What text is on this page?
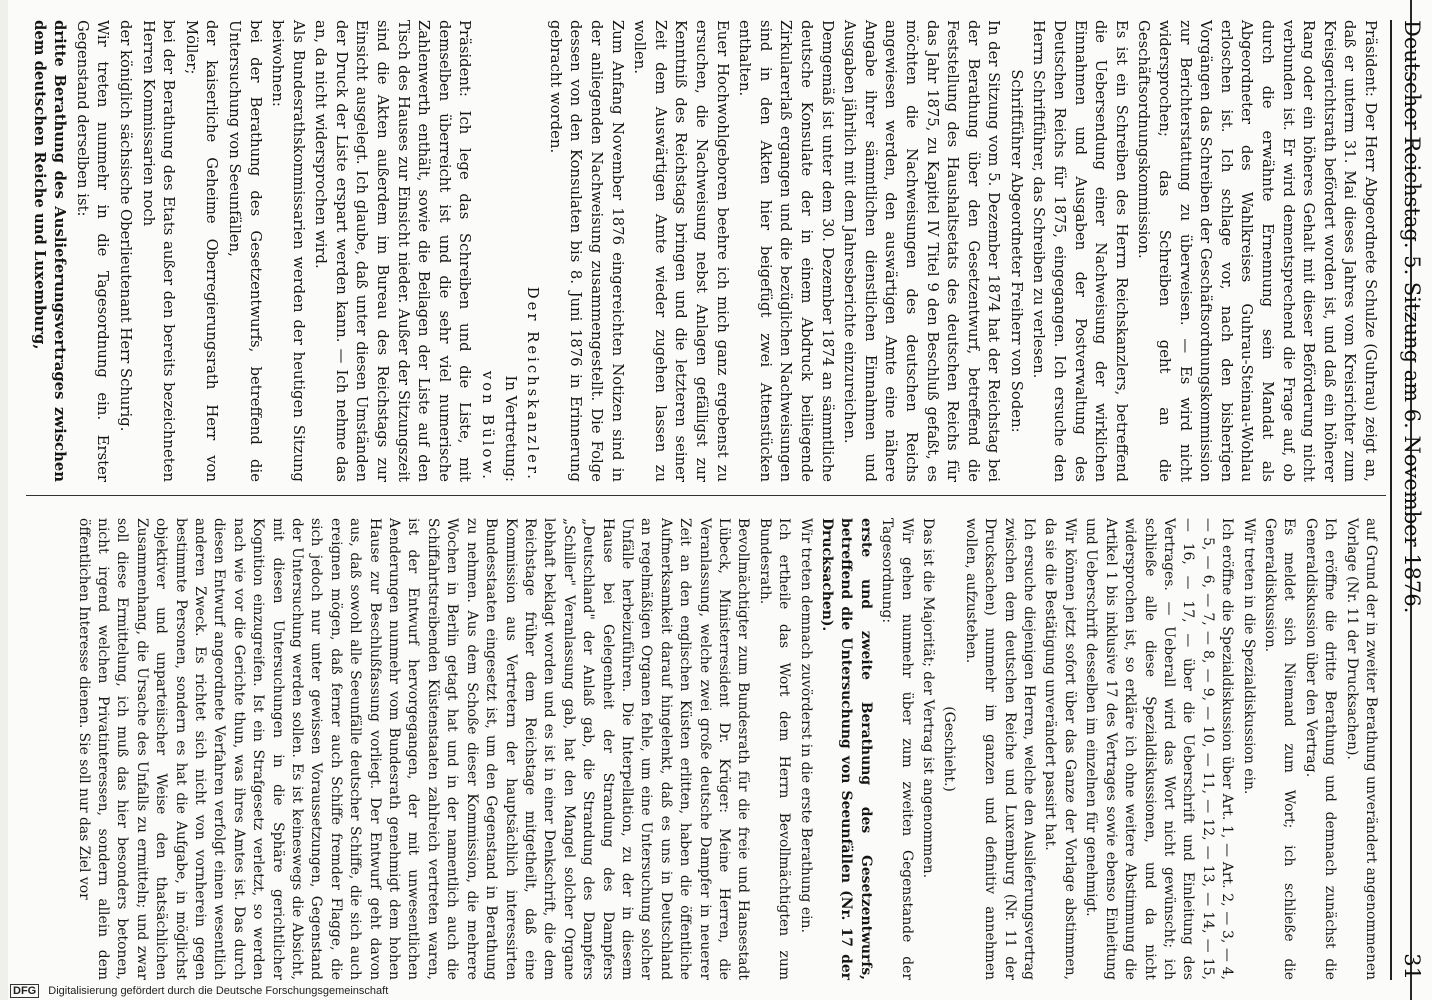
Deutscher Reichstag. 5. Sitzung am 6. November 1876.
31

Präsident: Der Herr Abgeordnete Schulze (Guhrau) zeigt an, daß er unterm 31. Mai dieses Jahres vom Kreisrichter zum Kreisgerichtsrath befördert worden ist, und daß ein höherer Rang oder ein höheres Gehalt mit dieser Beförderung nicht verbunden ist. Er wird dementsprechend die Frage auf, ob durch die erwähnte Ernennung sein Mandat als Abgeordneter des Wahlkreises Guhrau-Steinau-Wohlau erloschen ist. Ich schlage vor, nach den bisherigen Vorgängen das Schreiben der Geschäftsordnungskommission zur Berichterstattung zu überweisen. — Es wird nicht widersprochen; das Schreiben geht an die Geschäftsordnungskommission.

Es ist ein Schreiben des Herrn Reichskanzlers, betreffend die Uebersendung einer Nachweisung der wirklichen Einnahmen und Ausgaben der Postverwaltung des Deutschen Reichs für 1875, eingegangen. Ich ersuche den Herrn Schriftführer, das Schreiben zu verlesen.

Schriftführer Abgeordneter Freiherr von Soden:

In der Sitzung vom 5. Dezember 1874 hat der Reichstag bei der Berathung über den Gesetzentwurf, betreffend die Feststellung des Haushaltsetats des deutschen Reichs für das Jahr 1875, zu Kapitel IV Titel 9 den Beschluß gefaßt, es möchten die Nachweisungen des deutschen Reichs angewiesen werden, den auswärtigen Amte eine nähere Angabe ihrer sämmtlichen dienstlichen Einnahmen und Ausgaben jährlich mit dem Jahresberichte einzureichen.

Demgemäß ist unter dem 30. Dezember 1874 an sämmtliche deutsche Konsulate der in einem Abdruck beiliegende Zirkularerlaß ergangen und die bezüglichen Nachweisungen sind in den Akten hier beigefügt zwei Attenstücken enthalten.

Euer Hochwohlgeboren beehre ich mich ganz ergebenst zu ersuchen, die Nachweisung nebst Anlagen gefälligst zur Kenntniß des Reichstags bringen und die letzteren seiner Zeit dem Auswärtigen Amte wieder zugehen lassen zu wollen.

Zum Anfang November 1876 eingereichten Notizen sind in der anliegenden Nachweisung zusammengestellt. Die Folge dessen von den Konsulaten bis 8. Juni 1876 in Erinnerung gebracht worden.

Der Reichskanzler.

In Vertretung:

von Bülow.

Präsident: Ich lege das Schreiben und die Liste, mit demselben überreicht ist und die sehr viel numerische Zahlenwerth enthält, sowie die Beilagen der Liste auf den Tisch des Hauses zur Einsicht nieder. Außer der Sitzungszeit sind die Akten außerdem im Bureau des Reichstags zur Einsicht ausgelegt. Ich glaube, daß unter diesen Umständen der Druck der Liste erspart werden kann. — Ich nehme das an, da nicht widersprochen wird.

Als Bundesrathskommissarien werden der heutigen Sitzung beiwohnen:

bei der Berathung des Gesetzentwurfs, betreffend die Untersuchung von Seeunfällen,

der kaiserliche Geheime Oberregierungsrath Herr von Möller;

bei der Berathung des Etats außer den bereits bezeichneten Herren Kommissarien noch

der königlich sächsische Oberlieutenant Herr Schurig.

Wir treten nunmehr in die Tagesordnung ein. Erster Gegenstand derselben ist:

dritte Berathung des Auslieferungsvertrages zwischen dem deutschen Reiche und Luxemburg,

auf Grund der in zweiter Berathung unverändert angenommenen Vorlage (Nr. 11 der Drucksachen).

Ich eröffne die dritte Berathung und demnach zunächst die Generaldiskussion über den Vertrag.

Es meldet sich Niemand zum Wort; ich schließe die Generaldiskussion.

Wir treten in die Spezialdiskussion ein.

Ich eröffne die Spezialdiskussion über Art. 1, — Art. 2, — 3, — 4, — 5, — 6, — 7, — 8, — 9, — 10, — 11, — 12, — 13, — 14, — 15, — 16, — 17, — über die Ueberschrift und Einleitung des Vertrages. — Ueberall wird das Wort nicht gewünscht; ich schließe alle diese Spezialdiskussionen, und da nicht widersprochen ist, so erkläre ich ohne weitere Abstimmung die Artikel 1 bis inklusive 17 des Vertrages sowie ebenso Einleitung und Ueberschrift desselben im einzelnen für genehmigt.

Wir können jetzt sofort über das Ganze der Vorlage abstimmen, da sie die Bestätigung unverändert passirt hat.

Ich ersuche diejenigen Herren, welche den Auslieferungsvertrag zwischen dem deutschen Reiche und Luxemburg (Nr. 11 der Drucksachen) nunmehr im ganzen und definitiv annehmen wollen, aufzustehen.

(Geschieht.)

Das ist die Majorität; der Vertrag ist angenommen.

Wir gehen nunmehr über zum zweiten Gegenstande der Tagesordnung:

erste und zweite Berathung des Gesetzentwurfs, betreffend die Untersuchung von Seeunfällen (Nr. 17 der Drucksachen).

Wir treten demnach zuvörderst in die erste Berathung ein.

Ich ertheile das Wort dem Herrn Bevollmächtigten zum Bundesrath.

Bevollmächtigter zum Bundesrath für die freie und Hansestadt Lübeck, Ministerresident Dr. Krüger: Meine Herren, die Veranlassung, welche zwei große deutsche Dampfer in neuerer Zeit an den englischen Küsten erlitten, haben die öffentliche Aufmerksamkeit darauf hingelenkt, daß es uns in Deutschland an regelmäßigen Organen fehle, um eine Untersuchung solcher Unfälle herbeizuführen. Die Interpellation, zu der in diesem Hause bei Gelegenheit der Strandung des Dampfers „Deutschland" der Anlaß gab, die Strandung des Dampfers „Schiller" Veranlassung gab, hat den Mangel solcher Organe lebhaft beklagt worden und es ist in einer Denkschrift, die dem Reichstage früher dem Reichstage mitgetheilt, daß eine Kommission aus Vertretern der hauptsächlich interessirten Bundesstaaten eingesetzt ist, um den Gegenstand in Berathung zu nehmen. Aus dem Schoße dieser Kommission, die mehrere Wochen in Berlin getagt hat und in der namentlich auch die Schiffahrtstreibenden Küstenstaaten zahlreich vertreten waren, ist der Entwurf hervorgegangen, der mit unwesentlichen Aenderungen nunmehr vom Bundesrath genehmigt dem hohen Hause zur Beschlußfassung vorliegt. Der Entwurf geht davon aus, daß sowohl alle Seeunfälle deutscher Schiffe, die sich auch ereignen mögen, daß ferner auch Schiffe fremder Flagge, die sich jedoch nur unter gewissen Voraussetzungen, Gegenstand der Untersuchung werden sollen. Es ist keineswegs die Absicht, mit diesen Untersuchungen in die Sphäre gerichtlicher Kognition einzugreifen. Ist ein Strafgesetz verletzt, so werden nach wie vor die Gerichte thun, was ihres Amtes ist. Das durch diesen Entwurf angeordnete Verfahren verfolgt einen wesentlich anderen Zweck. Es richtet sich nicht von vornherein gegen bestimmte Personen, sondern es hat die Aufgabe, in möglichst objektiver und unparteiischer Weise den thatsächlichen Zusammenhang, die Ursache des Unfalls zu ermitteln; und zwar soll diese Ermittelung, ich muß das hier besonders betonen, nicht irgend welchen Privatinteressen, sondern allein dem öffentlichen Interesse dienen. Sie soll nur das Ziel vor

DFG Digitalisierung gefördert durch die Deutsche Forschungsgemeinschaft
